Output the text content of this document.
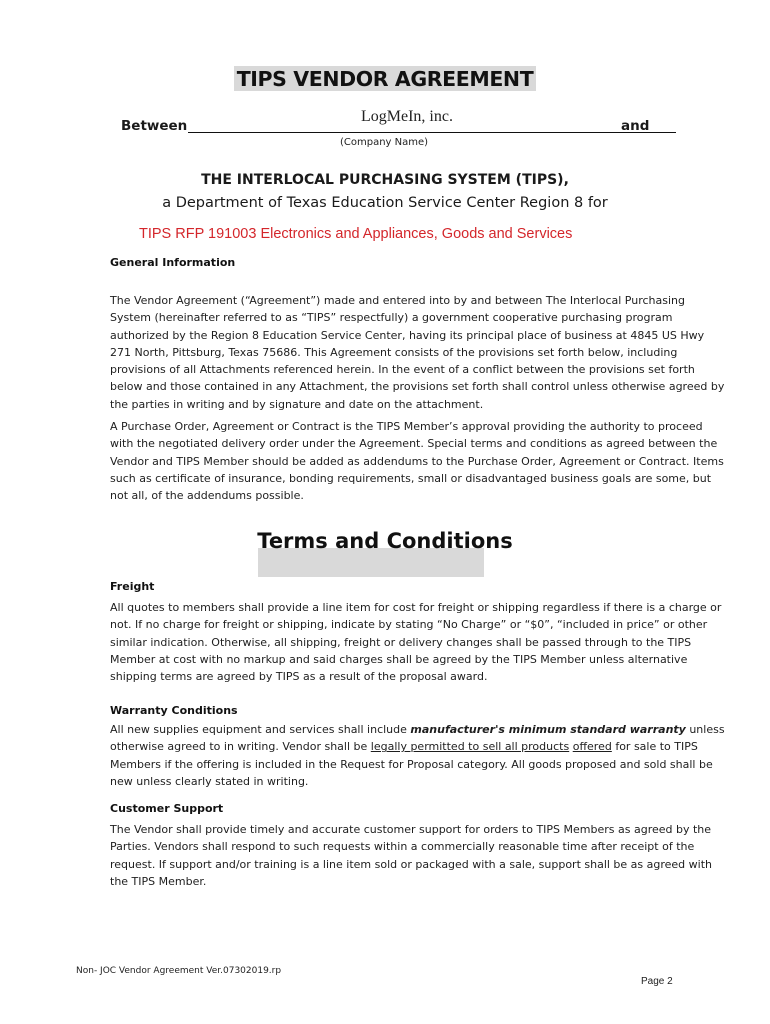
TIPS VENDOR AGREEMENT
Between
LogMeIn, inc.
and
(Company Name)
THE INTERLOCAL PURCHASING SYSTEM (TIPS),
a Department of Texas Education Service Center Region 8 for
TIPS RFP 191003 Electronics and Appliances, Goods and Services
General Information
The Vendor Agreement (“Agreement”) made and entered into by and between The Interlocal Purchasing System (hereinafter referred to as “TIPS” respectfully) a government cooperative purchasing program authorized by the Region 8 Education Service Center, having its principal place of business at 4845 US Hwy 271 North, Pittsburg, Texas 75686. This Agreement consists of the provisions set forth below, including provisions of all Attachments referenced herein. In the event of a conflict between the provisions set forth below and those contained in any Attachment, the provisions set forth shall control unless otherwise agreed by the parties in writing and by signature and date on the attachment.
A Purchase Order, Agreement or Contract is the TIPS Member’s approval providing the authority to proceed with the negotiated delivery order under the Agreement. Special terms and conditions as agreed between the Vendor and TIPS Member should be added as addendums to the Purchase Order, Agreement or Contract. Items such as certificate of insurance, bonding requirements, small or disadvantaged business goals are some, but not all, of the addendums possible.
Terms and Conditions
Freight
All quotes to members shall provide a line item for cost for freight or shipping regardless if there is a charge or not. If no charge for freight or shipping, indicate by stating “No Charge” or “$0”, “included in price” or other similar indication. Otherwise, all shipping, freight or delivery changes shall be passed through to the TIPS Member at cost with no markup and said charges shall be agreed by the TIPS Member unless alternative shipping terms are agreed by TIPS as a result of the proposal award.
Warranty Conditions
All new supplies equipment and services shall include manufacturer's minimum standard warranty unless otherwise agreed to in writing. Vendor shall be legally permitted to sell all products offered for sale to TIPS Members if the offering is included in the Request for Proposal category. All goods proposed and sold shall be new unless clearly stated in writing.
Customer Support
The Vendor shall provide timely and accurate customer support for orders to TIPS Members as agreed by the Parties. Vendors shall respond to such requests within a commercially reasonable time after receipt of the request. If support and/or training is a line item sold or packaged with a sale, support shall be as agreed with the TIPS Member.
Non- JOC Vendor Agreement Ver.07302019.rp
Page 2
